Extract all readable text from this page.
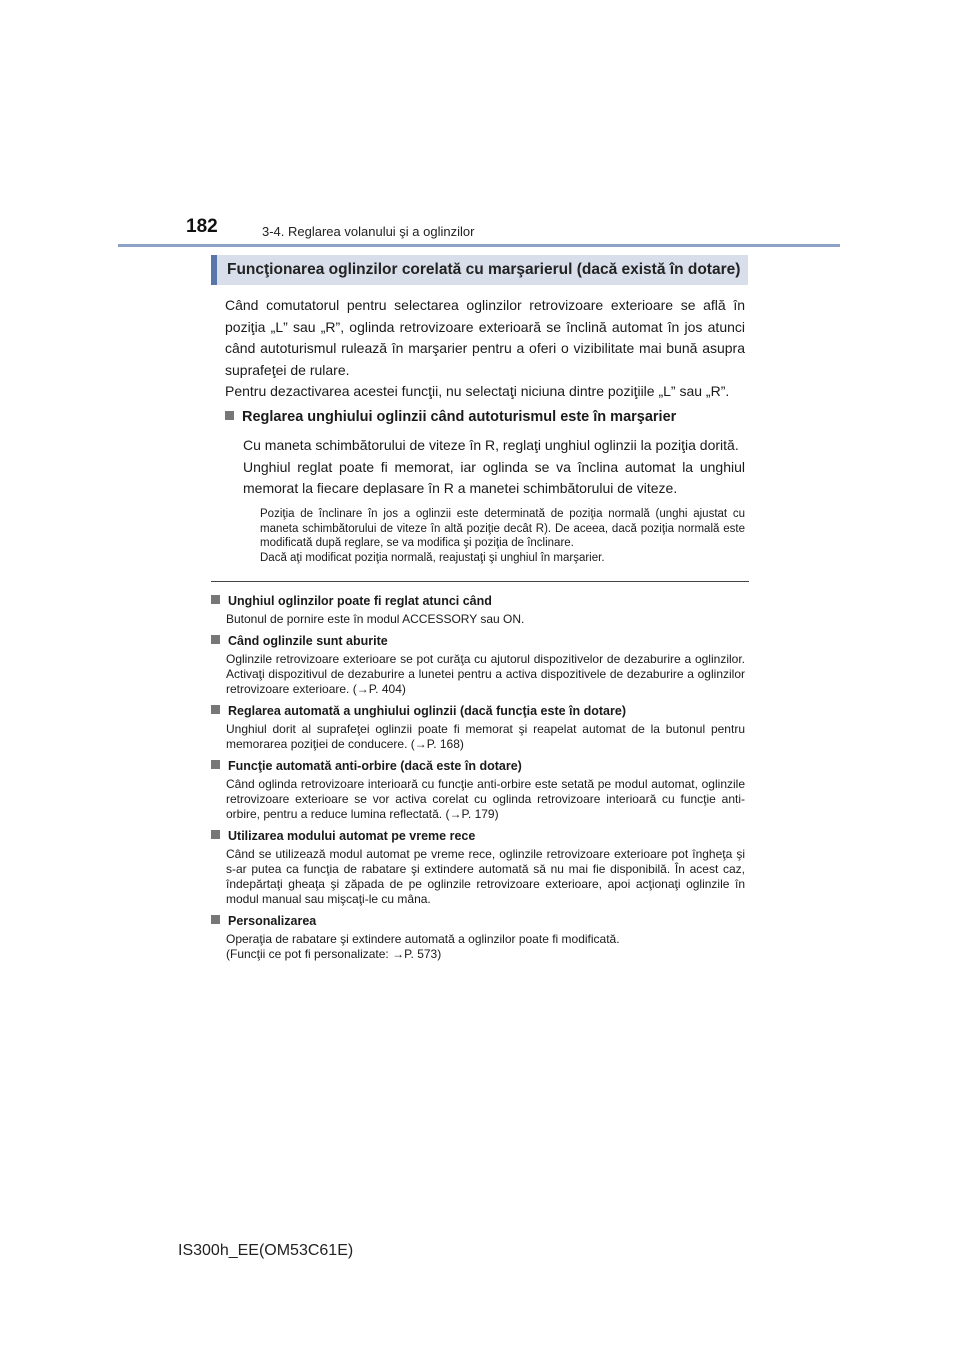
182	3-4. Reglarea volanului şi a oglinzilor
Funcţionarea oglinzilor corelată cu marşarierul (dacă există în dotare)

Când comutatorul pentru selectarea oglinzilor retrovizoare exterioare se află în poziţia „L” sau „R”, oglinda retrovizoare exterioară se înclină automat în jos atunci când autoturismul rulează în marşarier pentru a oferi o vizibilitate mai bună asupra suprafeţei de rulare.

Pentru dezactivarea acestei funcţii, nu selectaţi niciuna dintre poziţiile „L” sau „R”.

Reglarea unghiului oglinzii când autoturismul este în marşarier

Cu maneta schimbătorului de viteze în R, reglaţi unghiul oglinzii la poziţia dorită.

Unghiul reglat poate fi memorat, iar oglinda se va înclina automat la unghiul memorat la fiecare deplasare în R a manetei schimbătorului de viteze.

Poziţia de înclinare în jos a oglinzii este determinată de poziţia normală (unghi ajustat cu maneta schimbătorului de viteze în altă poziţie decât R). De aceea, dacă poziţia normală este modificată după reglare, se va modifica şi poziţia de înclinare.

Dacă aţi modificat poziţia normală, reajustaţi şi unghiul în marşarier.

Unghiul oglinzilor poate fi reglat atunci când

Butonul de pornire este în modul ACCESSORY sau ON.

Când oglinzile sunt aburite

Oglinzile retrovizoare exterioare se pot curăţa cu ajutorul dispozitivelor de dezaburire a oglinzilor. Activaţi dispozitivul de dezaburire a lunetei pentru a activa dispozitivele de dezaburire a oglinzilor retrovizoare exterioare. (→P. 404)

Reglarea automată a unghiului oglinzii (dacă funcţia este în dotare)

Unghiul dorit al suprafeţei oglinzii poate fi memorat şi reapelat automat de la butonul pentru memorarea poziţiei de conducere. (→P. 168)

Funcţie automată anti-orbire (dacă este în dotare)

Când oglinda retrovizoare interioară cu funcţie anti-orbire este setată pe modul automat, oglinzile retrovizoare exterioare se vor activa corelat cu oglinda retrovizoare interioară cu funcţie anti-orbire, pentru a reduce lumina reflectată. (→P. 179)

Utilizarea modului automat pe vreme rece

Când se utilizează modul automat pe vreme rece, oglinzile retrovizoare exterioare pot îngheţa şi s-ar putea ca funcţia de rabatare şi extindere automată să nu mai fie disponibilă. În acest caz, îndepărtaţi gheaţa şi zăpada de pe oglinzile retrovizoare exterioare, apoi acţionaţi oglinzile în modul manual sau mişcaţi-le cu mâna.

Personalizarea

Operaţia de rabatare şi extindere automată a oglinzilor poate fi modificată.

(Funcţii ce pot fi personalizate: →P. 573)

IS300h_EE(OM53C61E)
